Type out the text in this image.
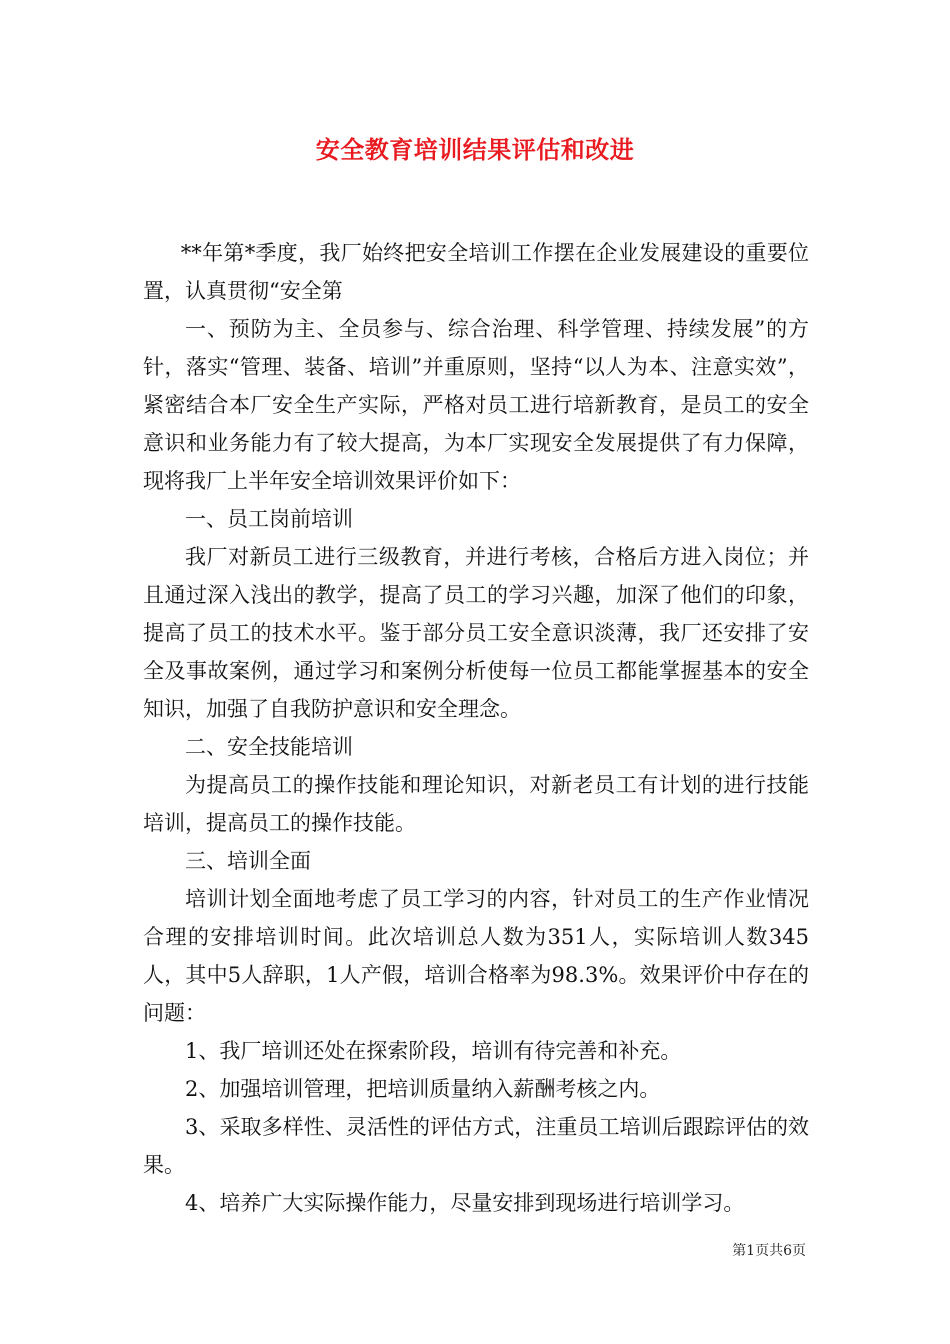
安全教育培训结果评估和改进

**年第*季度，我厂始终把安全培训工作摆在企业发展建设的重要位置，认真贯彻“安全第

一、预防为主、全员参与、综合治理、科学管理、持续发展”的方针，落实“管理、装备、培训”并重原则，坚持“以人为本、注意实效”，紧密结合本厂安全生产实际，严格对员工进行培新教育，是员工的安全意识和业务能力有了较大提高，为本厂实现安全发展提供了有力保障，现将我厂上半年安全培训效果评价如下：

一、员工岗前培训

我厂对新员工进行三级教育，并进行考核，合格后方进入岗位；并且通过深入浅出的教学，提高了员工的学习兴趣，加深了他们的印象，提高了员工的技术水平。鉴于部分员工安全意识淡薄，我厂还安排了安全及事故案例，通过学习和案例分析使每一位员工都能掌握基本的安全知识，加强了自我防护意识和安全理念。

二、安全技能培训

为提高员工的操作技能和理论知识，对新老员工有计划的进行技能培训，提高员工的操作技能。

三、培训全面

培训计划全面地考虑了员工学习的内容，针对员工的生产作业情况合理的安排培训时间。此次培训总人数为351人，实际培训人数345人，其中5人辞职，1人产假，培训合格率为98.3%。效果评价中存在的问题：

1、我厂培训还处在探索阶段，培训有待完善和补充。

2、加强培训管理，把培训质量纳入薪酬考核之内。

3、采取多样性、灵活性的评估方式，注重员工培训后跟踪评估的效果。

4、培养广大实际操作能力，尽量安排到现场进行培训学习。

第1页共6页
